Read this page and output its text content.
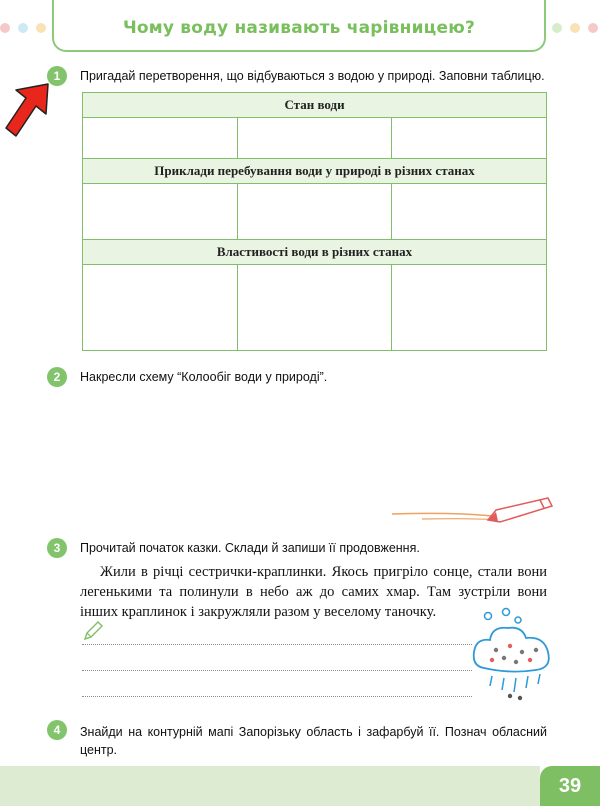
Чому воду називають чарівницею?
1	Пригадай перетворення, що відбуваються з водою у природі. Заповни таблицю.
Стан води		

Приклади перебування води у природі в різних станах		

Властивості води в різних станах		

2	Накресли схему “Колообіг води у природі”.
3	Прочитай початок казки. Склади й запиши її продовження.
Жили в річці сестрички-краплинки. Якось пригріло сонце, стали вони легенькими та полинули в небо аж до самих хмар. Там зустріли вони інших краплинок і закружляли разом у веселому таночку.
4	Знайди на контурній мапі Запорізьку область і зафарбуй її. Познач обласний центр.
39
